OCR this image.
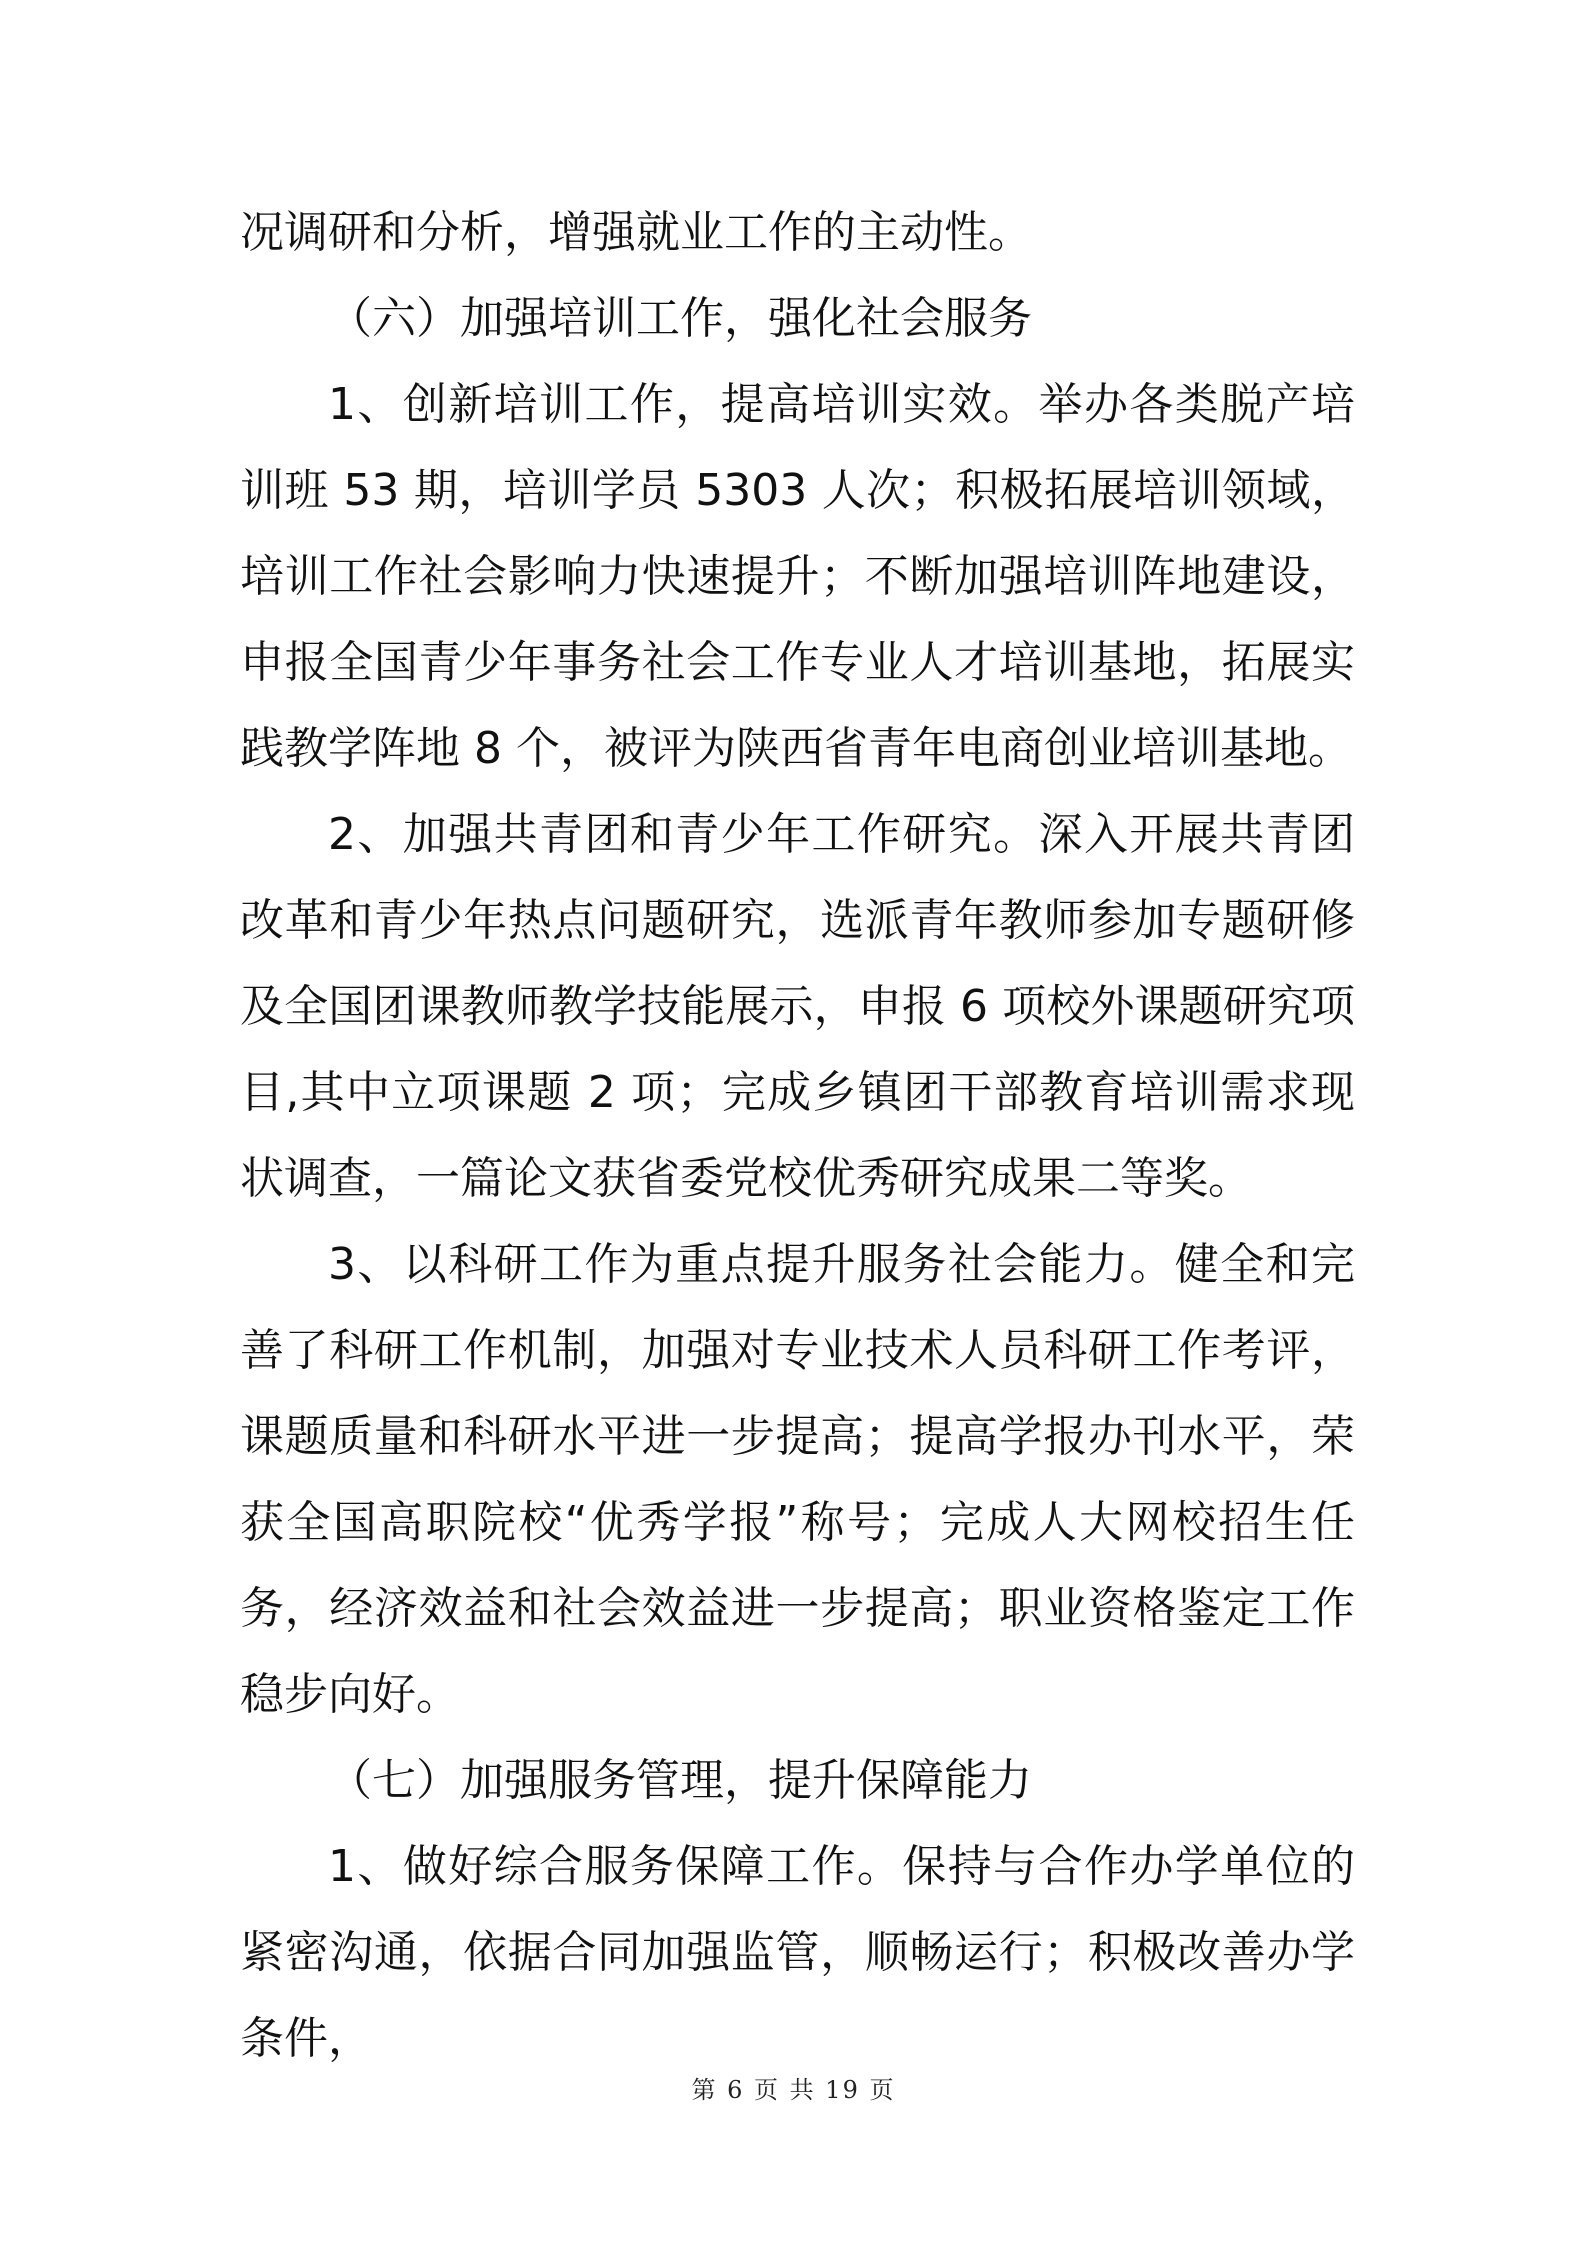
况调研和分析，增强就业工作的主动性。

（六）加强培训工作，强化社会服务

1、创新培训工作，提高培训实效。举办各类脱产培训班 53 期，培训学员 5303 人次；积极拓展培训领域，培训工作社会影响力快速提升；不断加强培训阵地建设，申报全国青少年事务社会工作专业人才培训基地，拓展实践教学阵地 8 个，被评为陕西省青年电商创业培训基地。

2、加强共青团和青少年工作研究。深入开展共青团改革和青少年热点问题研究，选派青年教师参加专题研修及全国团课教师教学技能展示，申报 6 项校外课题研究项目,其中立项课题 2 项；完成乡镇团干部教育培训需求现状调查，一篇论文获省委党校优秀研究成果二等奖。

3、以科研工作为重点提升服务社会能力。健全和完善了科研工作机制，加强对专业技术人员科研工作考评，课题质量和科研水平进一步提高；提高学报办刊水平，荣获全国高职院校“优秀学报”称号；完成人大网校招生任务，经济效益和社会效益进一步提高；职业资格鉴定工作稳步向好。

（七）加强服务管理，提升保障能力

1、做好综合服务保障工作。保持与合作办学单位的紧密沟通，依据合同加强监管，顺畅运行；积极改善办学条件，

第 6 页 共 19 页
